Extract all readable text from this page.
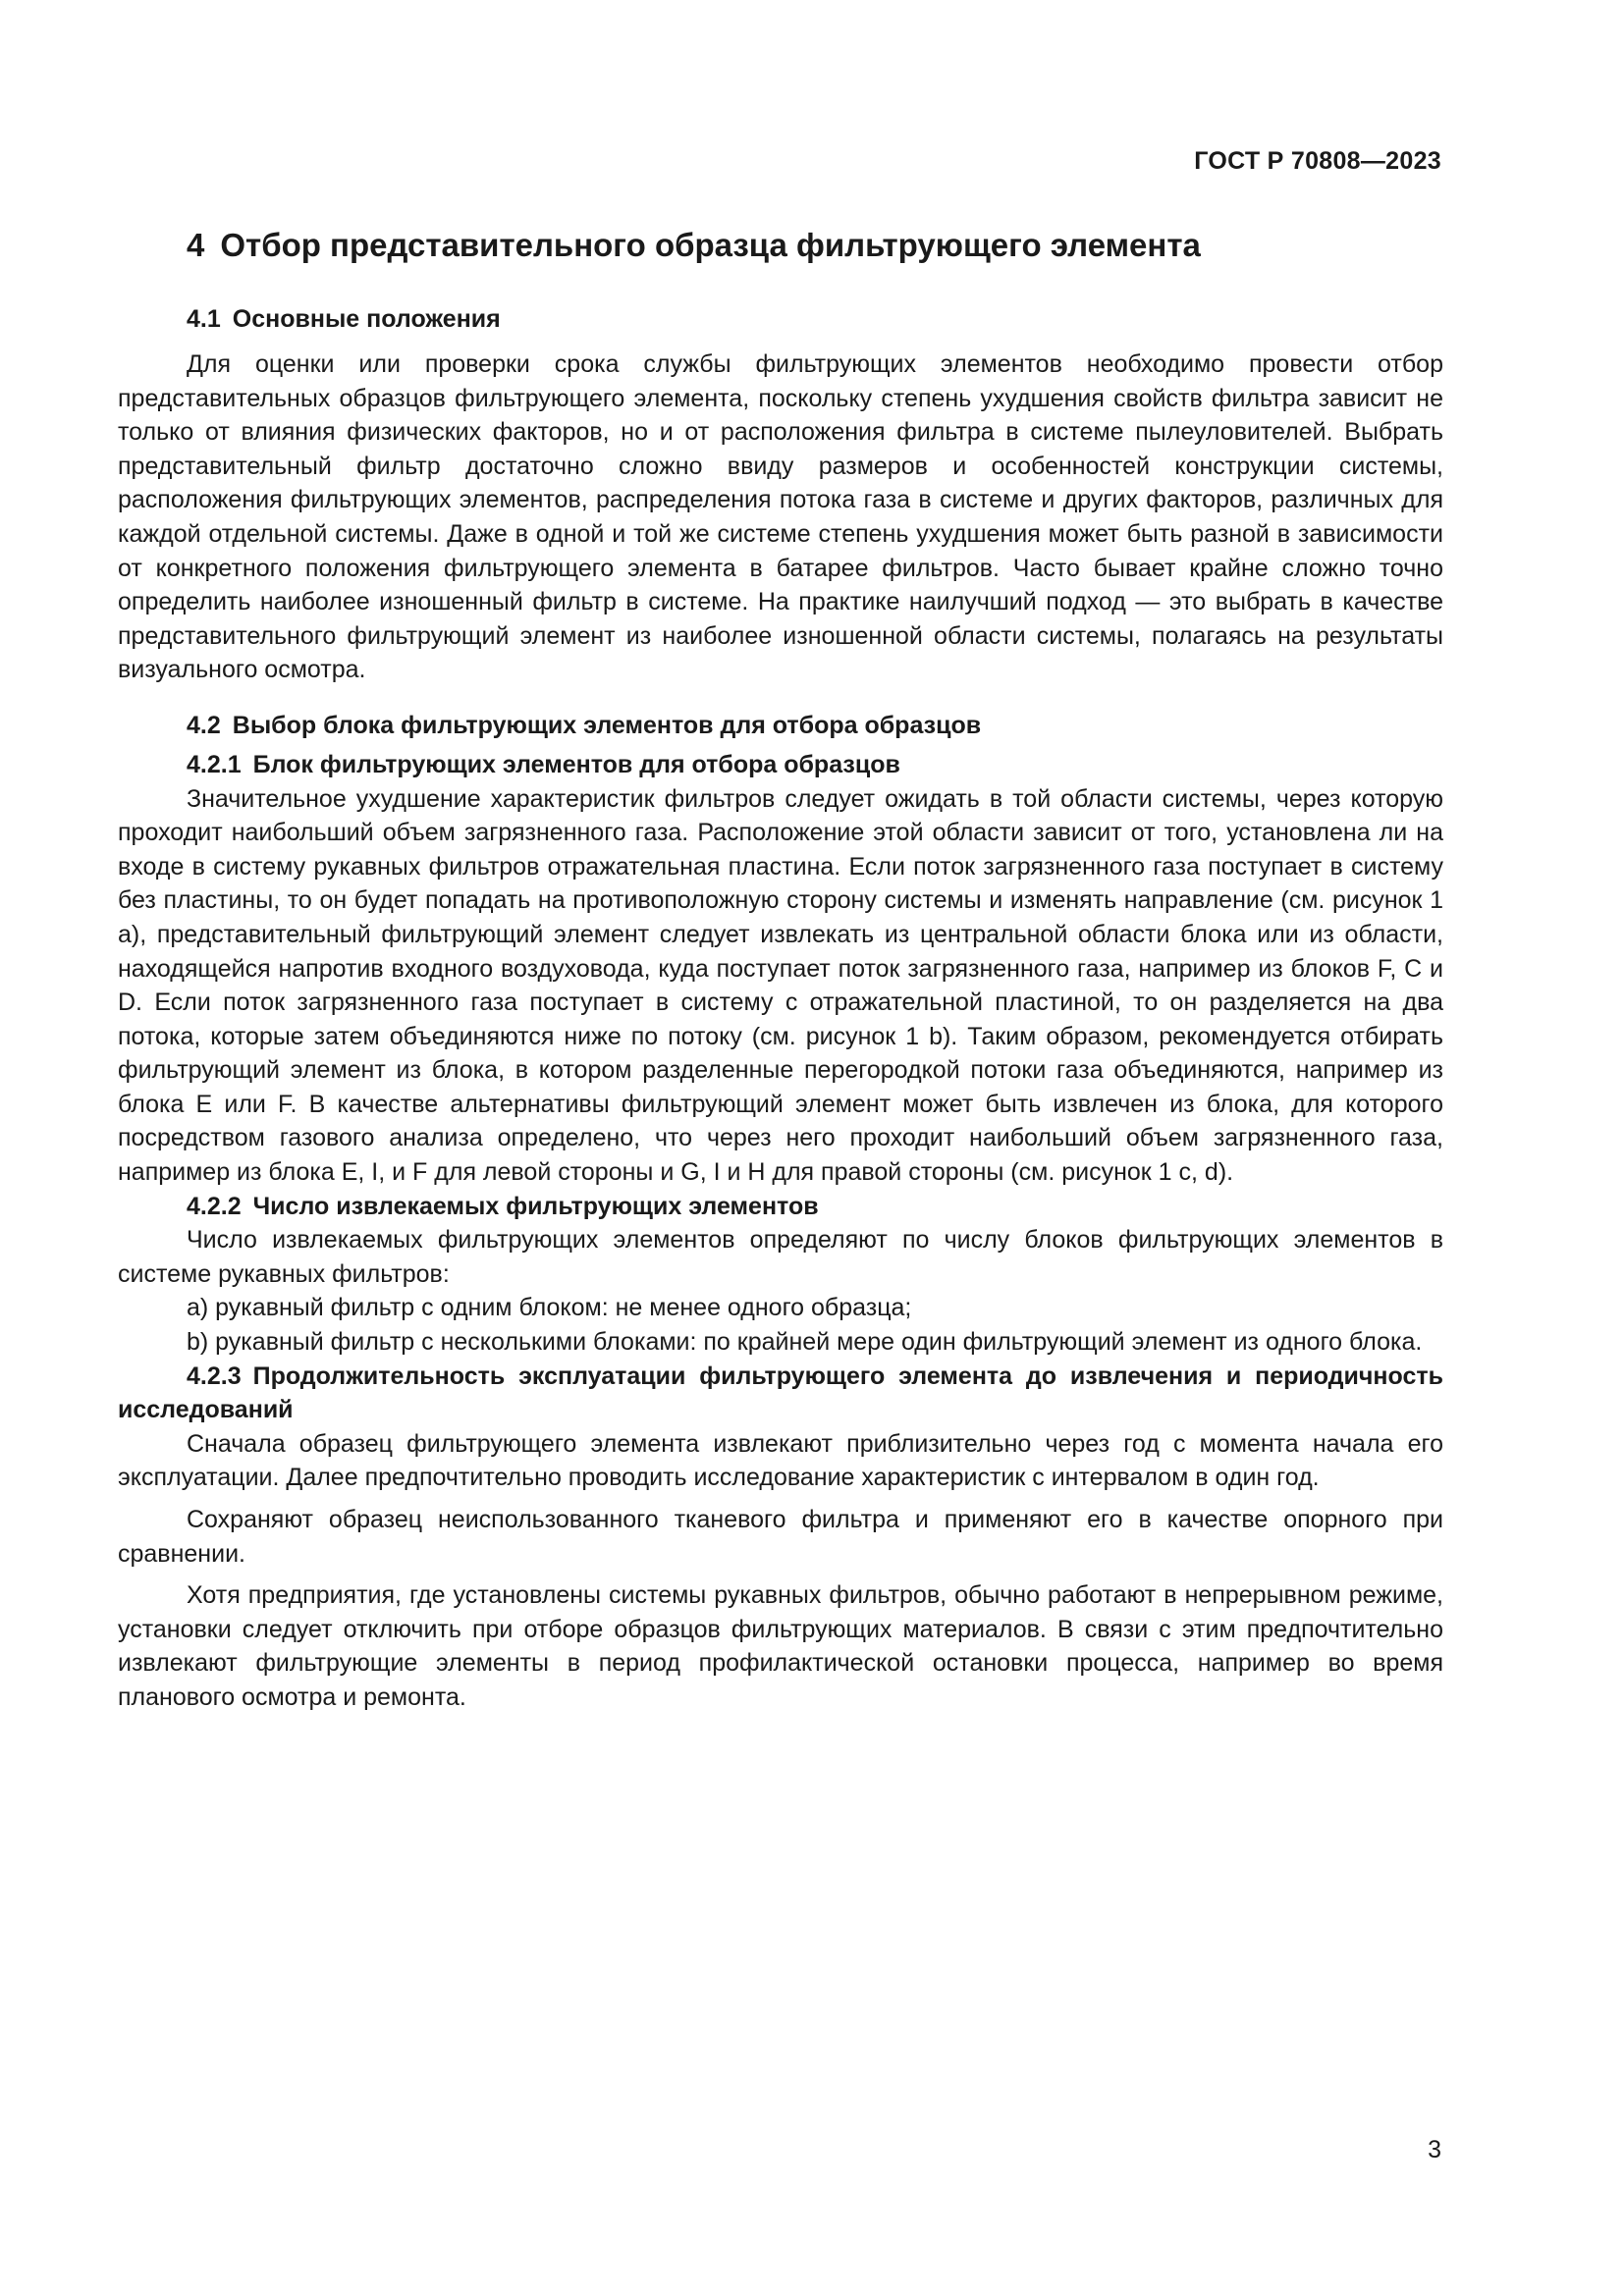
ГОСТ Р 70808—2023
4 Отбор представительного образца фильтрующего элемента
4.1 Основные положения

Для оценки или проверки срока службы фильтрующих элементов необходимо провести отбор представительных образцов фильтрующего элемента, поскольку степень ухудшения свойств фильтра зависит не только от влияния физических факторов, но и от расположения фильтра в системе пылеуловителей. Выбрать представительный фильтр достаточно сложно ввиду размеров и особенностей конструкции системы, расположения фильтрующих элементов, распределения потока газа в системе и других факторов, различных для каждой отдельной системы. Даже в одной и той же системе степень ухудшения может быть разной в зависимости от конкретного положения фильтрующего элемента в батарее фильтров. Часто бывает крайне сложно точно определить наиболее изношенный фильтр в системе. На практике наилучший подход — это выбрать в качестве представительного фильтрующий элемент из наиболее изношенной области системы, полагаясь на результаты визуального осмотра.

4.2 Выбор блока фильтрующих элементов для отбора образцов
4.2.1 Блок фильтрующих элементов для отбора образцов

Значительное ухудшение характеристик фильтров следует ожидать в той области системы, через которую проходит наибольший объем загрязненного газа. Расположение этой области зависит от того, установлена ли на входе в систему рукавных фильтров отражательная пластина. Если поток загрязненного газа поступает в систему без пластины, то он будет попадать на противоположную сторону системы и изменять направление (см. рисунок 1 a), представительный фильтрующий элемент следует извлекать из центральной области блока или из области, находящейся напротив входного воздуховода, куда поступает поток загрязненного газа, например из блоков F, С и D. Если поток загрязненного газа поступает в систему с отражательной пластиной, то он разделяется на два потока, которые затем объединяются ниже по потоку (см. рисунок 1 b). Таким образом, рекомендуется отбирать фильтрующий элемент из блока, в котором разделенные перегородкой потоки газа объединяются, например из блока Е или F. В качестве альтернативы фильтрующий элемент может быть извлечен из блока, для которого посредством газового анализа определено, что через него проходит наибольший объем загрязненного газа, например из блока Е, I, и F для левой стороны и G, I и Н для правой стороны (см. рисунок 1 c, d).

4.2.2 Число извлекаемых фильтрующих элементов

Число извлекаемых фильтрующих элементов определяют по числу блоков фильтрующих элементов в системе рукавных фильтров:

a) рукавный фильтр с одним блоком: не менее одного образца;

b) рукавный фильтр с несколькими блоками: по крайней мере один фильтрующий элемент из одного блока.

4.2.3 Продолжительность эксплуатации фильтрующего элемента до извлечения и периодичность исследований

Сначала образец фильтрующего элемента извлекают приблизительно через год с момента начала его эксплуатации. Далее предпочтительно проводить исследование характеристик с интервалом в один год.

Сохраняют образец неиспользованного тканевого фильтра и применяют его в качестве опорного при сравнении.

Хотя предприятия, где установлены системы рукавных фильтров, обычно работают в непрерывном режиме, установки следует отключить при отборе образцов фильтрующих материалов. В связи с этим предпочтительно извлекают фильтрующие элементы в период профилактической остановки процесса, например во время планового осмотра и ремонта.

3
